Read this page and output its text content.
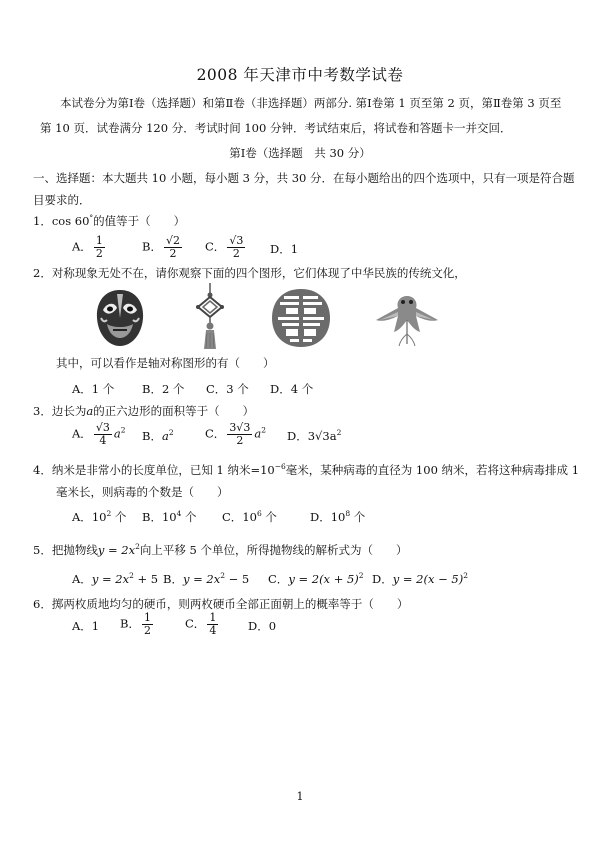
2008 年天津市中考数学试卷
本试卷分为第Ⅰ卷（选择题）和第Ⅱ卷（非选择题）两部分. 第Ⅰ卷第 1 页至第 2 页，第Ⅱ卷第 3 页至
第 10 页．试卷满分 120 分．考试时间 100 分钟．考试结束后，将试卷和答题卡一并交回．
第Ⅰ卷（选择题　共 30 分）
一、选择题：本大题共 10 小题，每小题 3 分，共 30 分．在每小题给出的四个选项中，只有一项是符合题
目要求的．
1．cos 60°的值等于（　　）
A． $\frac{1}{2}$	B． $\frac{√2}{2}$ C． $\frac{√3}{2}$ D．1
2．对称现象无处不在，请你观察下面的四个图形，它们体现了中华民族的传统文化，
其中，可以看作是轴对称图形的有（　　）
A．1 个 B．2 个 C．3 个 D．4 个
3．边长为a的正六边形的面积等于（　　）
A． $\frac{√3}{4} a^2$ B．$a^2$	C． $\frac{3√3}{2} a^2$ D．$3√3a^2$
4．纳米是非常小的长度单位，已知 1 纳米$=10^{-6}$毫米，某种病毒的直径为 100 纳米，若将这种病毒排成 1
毫米长，则病毒的个数是（　　）
A．$10^2$ 个 B．$10^4$ 个 C．$10^6$ 个	D．$10^8$ 个
5．把抛物线$y = 2x^2$向上平移 5 个单位，所得抛物线的解析式为（　　）
A．$y = 2x^2 + 5$ B．$y = 2x^2 - 5$ C．$y = 2(x + 5)^2$ D．$y = 2(x - 5)^2$
6．掷两枚质地均匀的硬币，则两枚硬币全部正面朝上的概率等于（　　）
A．1 B． $\frac{1}{2}$	C． $\frac{1}{4}$	D．0
1
